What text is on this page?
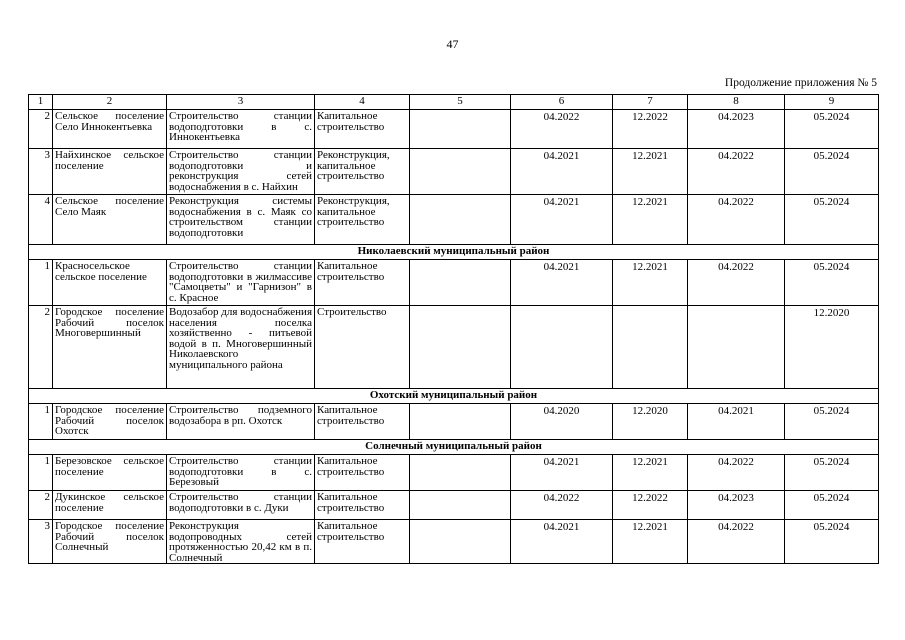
47
Продолжение приложения № 5
1	2	3	4	5	6	7	8	9
2	Сельское поселение Село Иннокентьевка	Строительство станции водоподготовки в с. Иннокентьевка	Капитальное строительство		04.2022	12.2022	04.2023	05.2024
3	Найхинское сельское поселение	Строительство станции водоподготовки и реконструкция сетей водоснабжения в с. Найхин	Реконструкция, капитальное строительство		04.2021	12.2021	04.2022	05.2024
4	Сельское поселение Село Маяк	Реконструкция системы водоснабжения в с. Маяк со строительством станции водоподготовки	Реконструкция, капитальное строительство		04.2021	12.2021	04.2022	05.2024
Николаевский муниципальный район								
1	Красносельское сельское поселение	Строительство станции водоподготовки в жилмассиве "Самоцветы" и "Гарнизон" в с. Красное	Капитальное строительство		04.2021	12.2021	04.2022	05.2024
2	Городское поселение Рабочий поселок Многовершинный	Водозабор для водоснабжения населения поселка хозяйственно - питьевой водой в п. Многовершинный Николаевского муниципального района	Строительство					12.2020
Охотский муниципальный район								
1	Городское поселение Рабочий поселок Охотск	Строительство подземного водозабора в рп. Охотск	Капитальное строительство		04.2020	12.2020	04.2021	05.2024
Солнечный муниципальный район								
1	Березовское сельское поселение	Строительство станции водоподготовки в с. Березовый	Капитальное строительство		04.2021	12.2021	04.2022	05.2024
2	Дукинское сельское поселение	Строительство станции водоподготовки в с. Дуки	Капитальное строительство		04.2022	12.2022	04.2023	05.2024
3	Городское поселение Рабочий поселок Солнечный	Реконструкция водопроводных сетей протяженностью 20,42 км в п. Солнечный	Капитальное строительство		04.2021	12.2021	04.2022	05.2024
